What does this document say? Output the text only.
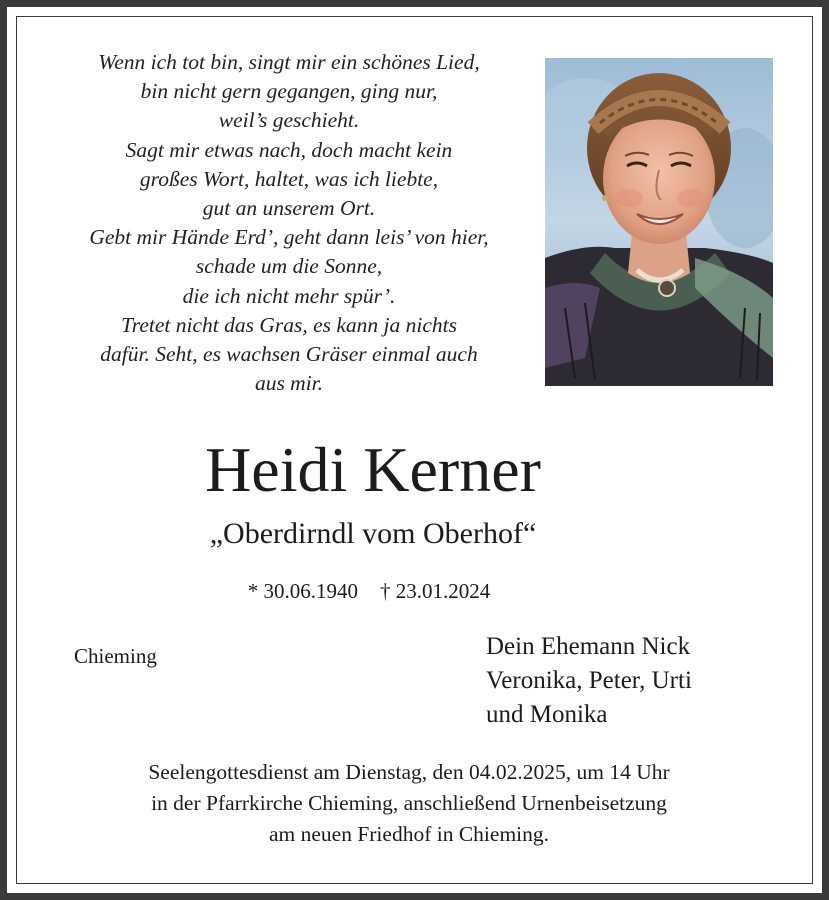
Wenn ich tot bin, singt mir ein schönes Lied,
bin nicht gern gegangen, ging nur,
weil’s geschieht.
Sagt mir etwas nach, doch macht kein
großes Wort, haltet, was ich liebte,
gut an unserem Ort.
Gebt mir Hände Erd’, geht dann leis’ von hier,
schade um die Sonne,
die ich nicht mehr spür’.
Tretet nicht das Gras, es kann ja nichts
dafür. Seht, es wachsen Gräser einmal auch
aus mir.
Heidi Kerner
„Oberdirndl vom Oberhof“
* 30.06.1940 † 23.01.2024
Chieming	Dein Ehemann Nick
Veronika, Peter, Urti
und Monika
Seelengottesdienst am Dienstag, den 04.02.2025, um 14 Uhr
in der Pfarrkirche Chieming, anschließend Urnenbeisetzung
am neuen Friedhof in Chieming.
